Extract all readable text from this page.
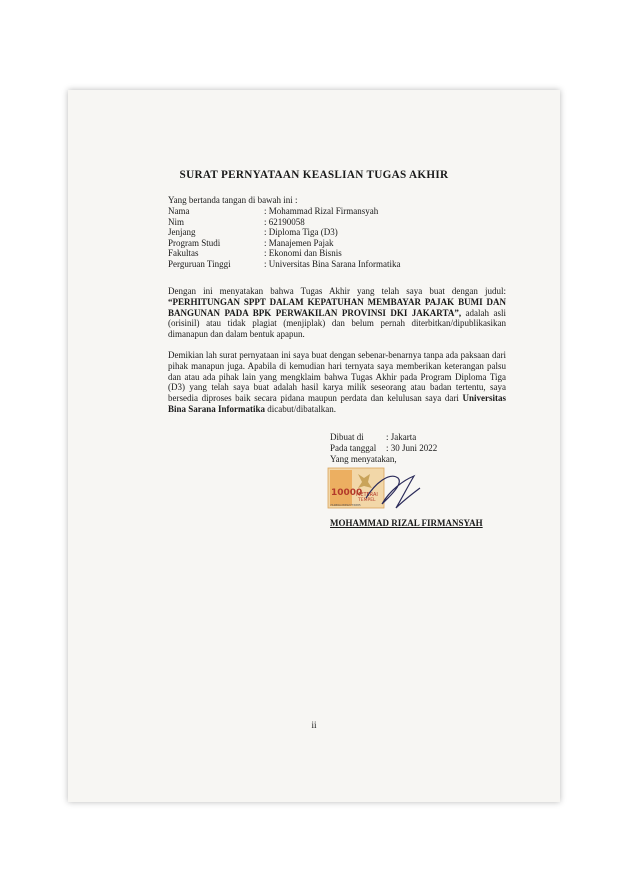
SURAT PERNYATAAN KEASLIAN TUGAS AKHIR
Yang bertanda tangan di bawah ini :
Nama	: Mohammad Rizal Firmansyah
Nim	: 62190058
Jenjang	: Diploma Tiga (D3)
Program Studi	: Manajemen Pajak
Fakultas	: Ekonomi dan Bisnis
Perguruan Tinggi	: Universitas Bina Sarana Informatika
Dengan ini menyatakan bahwa Tugas Akhir yang telah saya buat dengan judul: “PERHITUNGAN SPPT DALAM KEPATUHAN MEMBAYAR PAJAK BUMI DAN BANGUNAN PADA BPK PERWAKILAN PROVINSI DKI JAKARTA”, adalah asli (orisinil) atau tidak plagiat (menjiplak) dan belum pernah diterbitkan/dipublikasikan dimanapun dan dalam bentuk apapun.
Demikian lah surat pernyataan ini saya buat dengan sebenar-benarnya tanpa ada paksaan dari pihak manapun juga. Apabila di kemudian hari ternyata saya memberikan keterangan palsu dan atau ada pihak lain yang mengklaim bahwa Tugas Akhir pada Program Diploma Tiga (D3) yang telah saya buat adalah hasil karya milik seseorang atau badan tertentu, saya bersedia diproses baik secara pidana maupun perdata dan kelulusan saya dari Universitas Bina Sarana Informatika dicabut/dibatalkan.
Dibuat di	: Jakarta
Pada tanggal	: 30 Juni 2022
Yang menyatakan,
10000
METERAI
TEMPEL
7A1B6AJX092776885
MOHAMMAD RIZAL FIRMANSYAH
ii
